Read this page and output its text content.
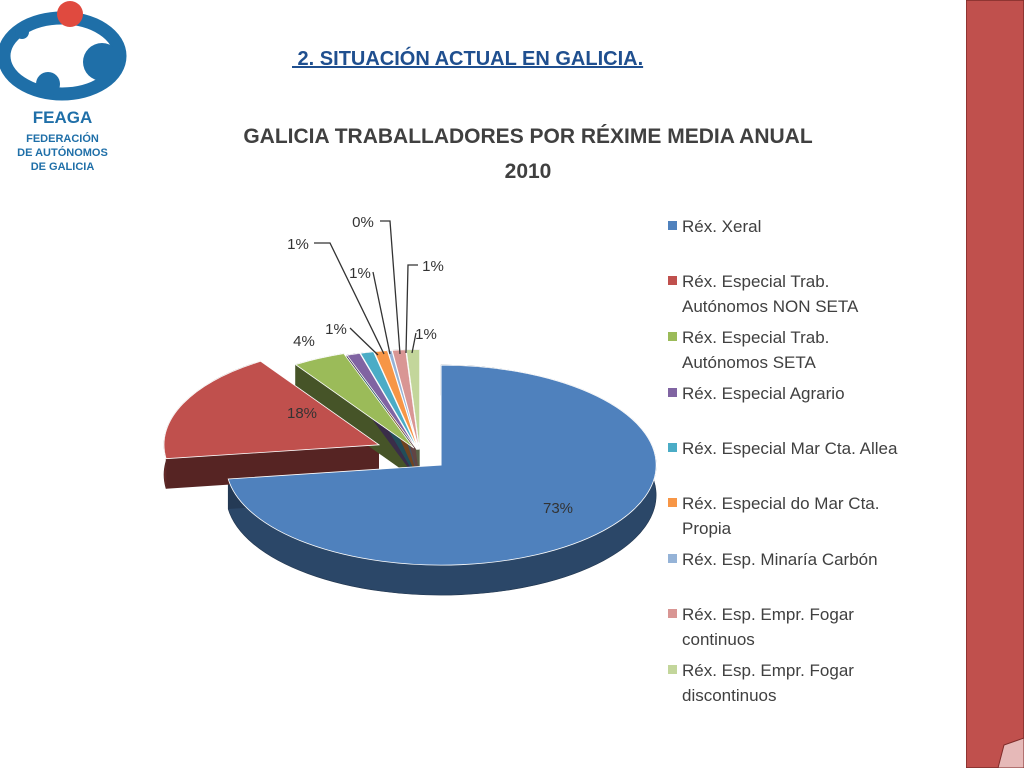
FEAGA
FEDERACIÓN
DE AUTÓNOMOS
DE GALICIA
2. SITUACIÓN ACTUAL EN GALICIA.
GALICIA TRABALLADORES POR RÉXIME MEDIA ANUAL
2010
73%
18%
4%
1%
1%
1%
0%
1%
1%
Réx. Xeral
Réx. Especial Trab.
Autónomos NON SETA
Réx. Especial Trab.
Autónomos SETA
Réx. Especial Agrario
Réx. Especial Mar Cta. Allea
Réx. Especial do Mar Cta.
Propia
Réx. Esp. Minaría Carbón
Réx. Esp. Empr. Fogar
continuos
Réx. Esp. Empr. Fogar
discontinuos
